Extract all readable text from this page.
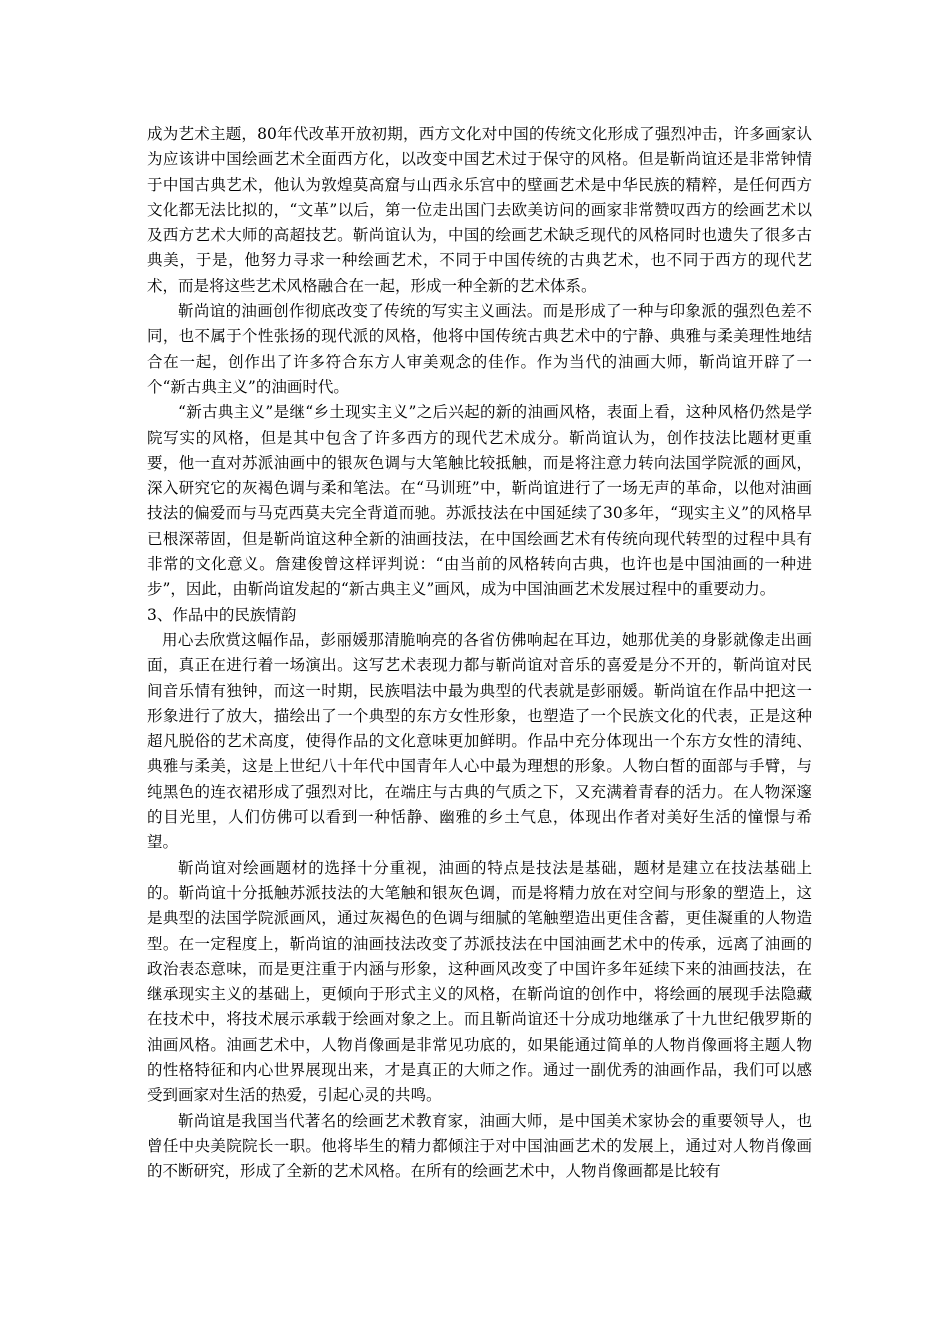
成为艺术主题，80年代改革开放初期，西方文化对中国的传统文化形成了强烈冲击，许多画家认为应该讲中国绘画艺术全面西方化，以改变中国艺术过于保守的风格。但是靳尚谊还是非常钟情于中国古典艺术，他认为敦煌莫高窟与山西永乐宫中的壁画艺术是中华民族的精粹，是任何西方文化都无法比拟的，“文革”以后，第一位走出国门去欧美访问的画家非常赞叹西方的绘画艺术以及西方艺术大师的高超技艺。靳尚谊认为，中国的绘画艺术缺乏现代的风格同时也遗失了很多古典美，于是，他努力寻求一种绘画艺术，不同于中国传统的古典艺术，也不同于西方的现代艺术，而是将这些艺术风格融合在一起，形成一种全新的艺术体系。

靳尚谊的油画创作彻底改变了传统的写实主义画法。而是形成了一种与印象派的强烈色差不同，也不属于个性张扬的现代派的风格，他将中国传统古典艺术中的宁静、典雅与柔美理性地结合在一起，创作出了许多符合东方人审美观念的佳作。作为当代的油画大师，靳尚谊开辟了一个“新古典主义”的油画时代。

“新古典主义”是继“乡土现实主义”之后兴起的新的油画风格，表面上看，这种风格仍然是学院写实的风格，但是其中包含了许多西方的现代艺术成分。靳尚谊认为，创作技法比题材更重要，他一直对苏派油画中的银灰色调与大笔触比较抵触，而是将注意力转向法国学院派的画风，深入研究它的灰褐色调与柔和笔法。在“马训班”中，靳尚谊进行了一场无声的革命，以他对油画技法的偏爱而与马克西莫夫完全背道而驰。苏派技法在中国延续了30多年，“现实主义”的风格早已根深蒂固，但是靳尚谊这种全新的油画技法，在中国绘画艺术有传统向现代转型的过程中具有非常的文化意义。詹建俊曾这样评判说：“由当前的风格转向古典，也许也是中国油画的一种进步”，因此，由靳尚谊发起的“新古典主义”画风，成为中国油画艺术发展过程中的重要动力。

3、作品中的民族情韵

用心去欣赏这幅作品，彭丽媛那清脆响亮的各省仿佛响起在耳边，她那优美的身影就像走出画面，真正在进行着一场演出。这写艺术表现力都与靳尚谊对音乐的喜爱是分不开的，靳尚谊对民间音乐情有独钟，而这一时期，民族唱法中最为典型的代表就是彭丽媛。靳尚谊在作品中把这一形象进行了放大，描绘出了一个典型的东方女性形象，也塑造了一个民族文化的代表，正是这种超凡脱俗的艺术高度，使得作品的文化意味更加鲜明。作品中充分体现出一个东方女性的清纯、典雅与柔美，这是上世纪八十年代中国青年人心中最为理想的形象。人物白皙的面部与手臂，与纯黑色的连衣裙形成了强烈对比，在端庄与古典的气质之下，又充满着青春的活力。在人物深邃的目光里，人们仿佛可以看到一种恬静、幽雅的乡土气息，体现出作者对美好生活的憧憬与希望。

靳尚谊对绘画题材的选择十分重视，油画的特点是技法是基础，题材是建立在技法基础上的。靳尚谊十分抵触苏派技法的大笔触和银灰色调，而是将精力放在对空间与形象的塑造上，这是典型的法国学院派画风，通过灰褐色的色调与细腻的笔触塑造出更佳含蓄，更佳凝重的人物造型。在一定程度上，靳尚谊的油画技法改变了苏派技法在中国油画艺术中的传承，远离了油画的政治表态意味，而是更注重于内涵与形象，这种画风改变了中国许多年延续下来的油画技法，在继承现实主义的基础上，更倾向于形式主义的风格，在靳尚谊的创作中，将绘画的展现手法隐藏在技术中，将技术展示承载于绘画对象之上。而且靳尚谊还十分成功地继承了十九世纪俄罗斯的油画风格。油画艺术中，人物肖像画是非常见功底的，如果能通过简单的人物肖像画将主题人物的性格特征和内心世界展现出来，才是真正的大师之作。通过一副优秀的油画作品，我们可以感受到画家对生活的热爱，引起心灵的共鸣。

靳尚谊是我国当代著名的绘画艺术教育家，油画大师，是中国美术家协会的重要领导人，也曾任中央美院院长一职。他将毕生的精力都倾注于对中国油画艺术的发展上，通过对人物肖像画的不断研究，形成了全新的艺术风格。在所有的绘画艺术中，人物肖像画都是比较有
